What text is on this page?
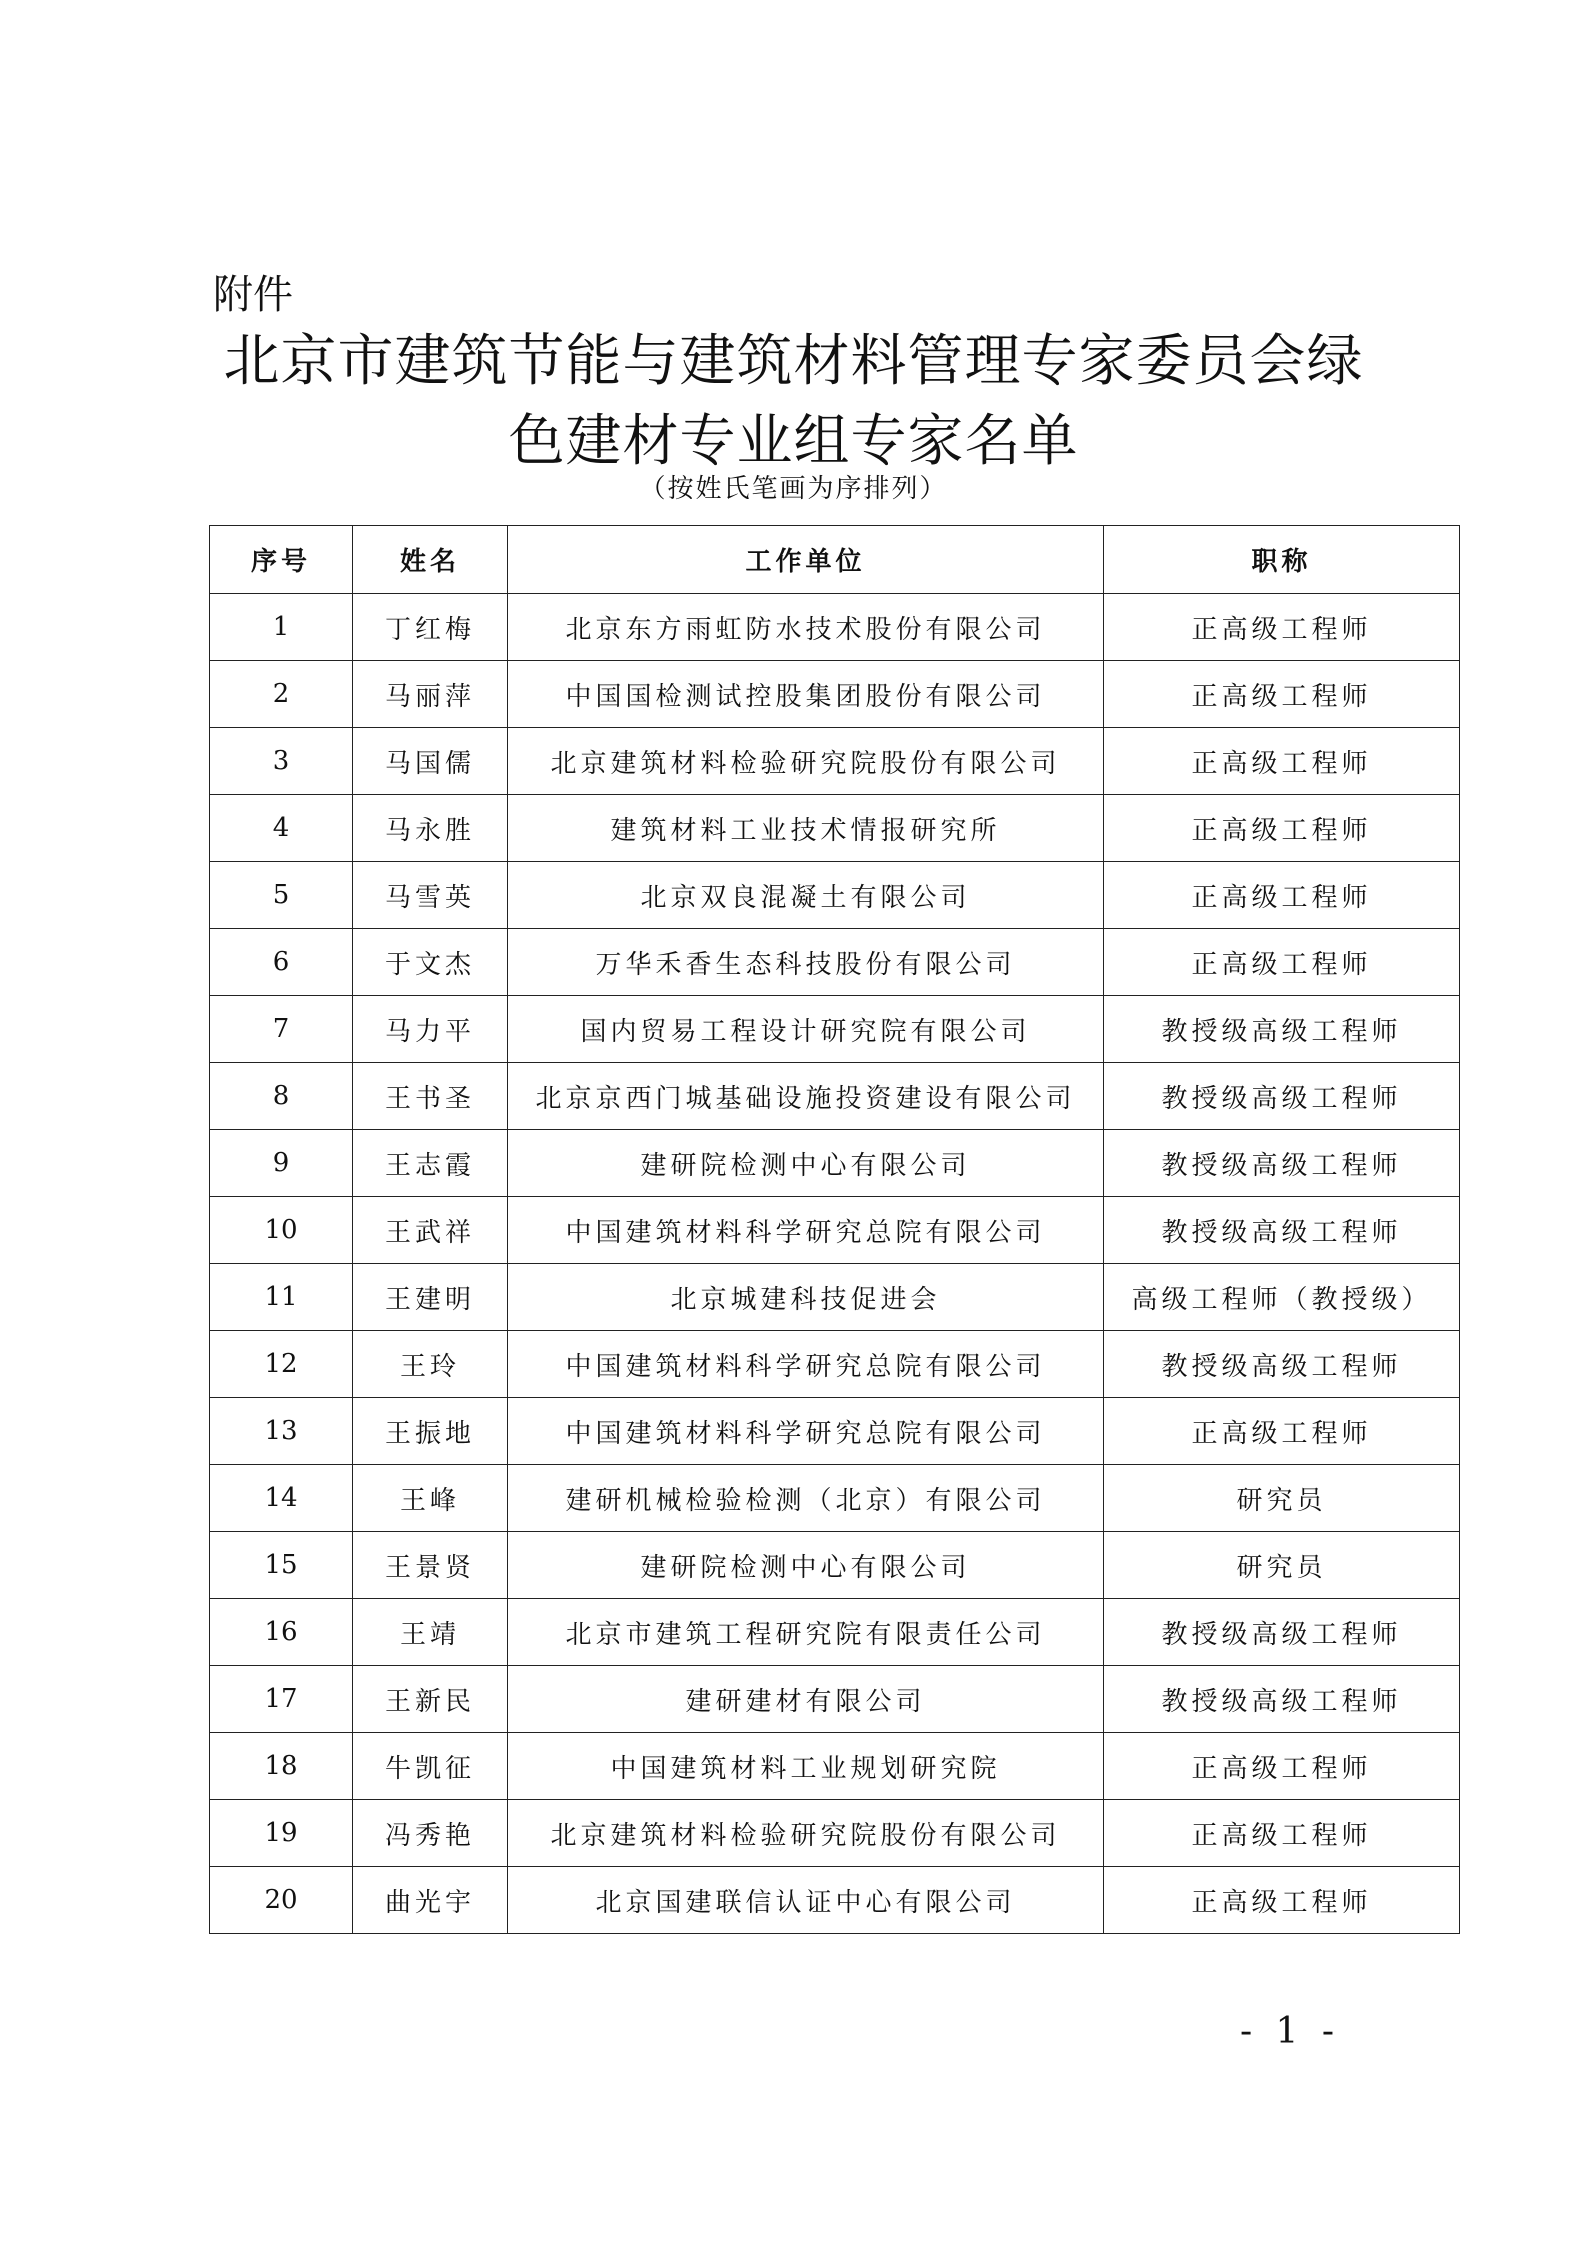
附件
北京市建筑节能与建筑材料管理专家委员会绿
色建材专业组专家名单
（按姓氏笔画为序排列）
序号	姓名	工作单位	职称
1	丁红梅	北京东方雨虹防水技术股份有限公司	正高级工程师
2	马丽萍	中国国检测试控股集团股份有限公司	正高级工程师
3	马国儒	北京建筑材料检验研究院股份有限公司	正高级工程师
4	马永胜	建筑材料工业技术情报研究所	正高级工程师
5	马雪英	北京双良混凝土有限公司	正高级工程师
6	于文杰	万华禾香生态科技股份有限公司	正高级工程师
7	马力平	国内贸易工程设计研究院有限公司	教授级高级工程师
8	王书圣	北京京西门城基础设施投资建设有限公司	教授级高级工程师
9	王志霞	建研院检测中心有限公司	教授级高级工程师
10	王武祥	中国建筑材料科学研究总院有限公司	教授级高级工程师
11	王建明	北京城建科技促进会	高级工程师（教授级）
12	王玲	中国建筑材料科学研究总院有限公司	教授级高级工程师
13	王振地	中国建筑材料科学研究总院有限公司	正高级工程师
14	王峰	建研机械检验检测（北京）有限公司	研究员
15	王景贤	建研院检测中心有限公司	研究员
16	王靖	北京市建筑工程研究院有限责任公司	教授级高级工程师
17	王新民	建研建材有限公司	教授级高级工程师
18	牛凯征	中国建筑材料工业规划研究院	正高级工程师
19	冯秀艳	北京建筑材料检验研究院股份有限公司	正高级工程师
20	曲光宇	北京国建联信认证中心有限公司	正高级工程师
- 1 -
